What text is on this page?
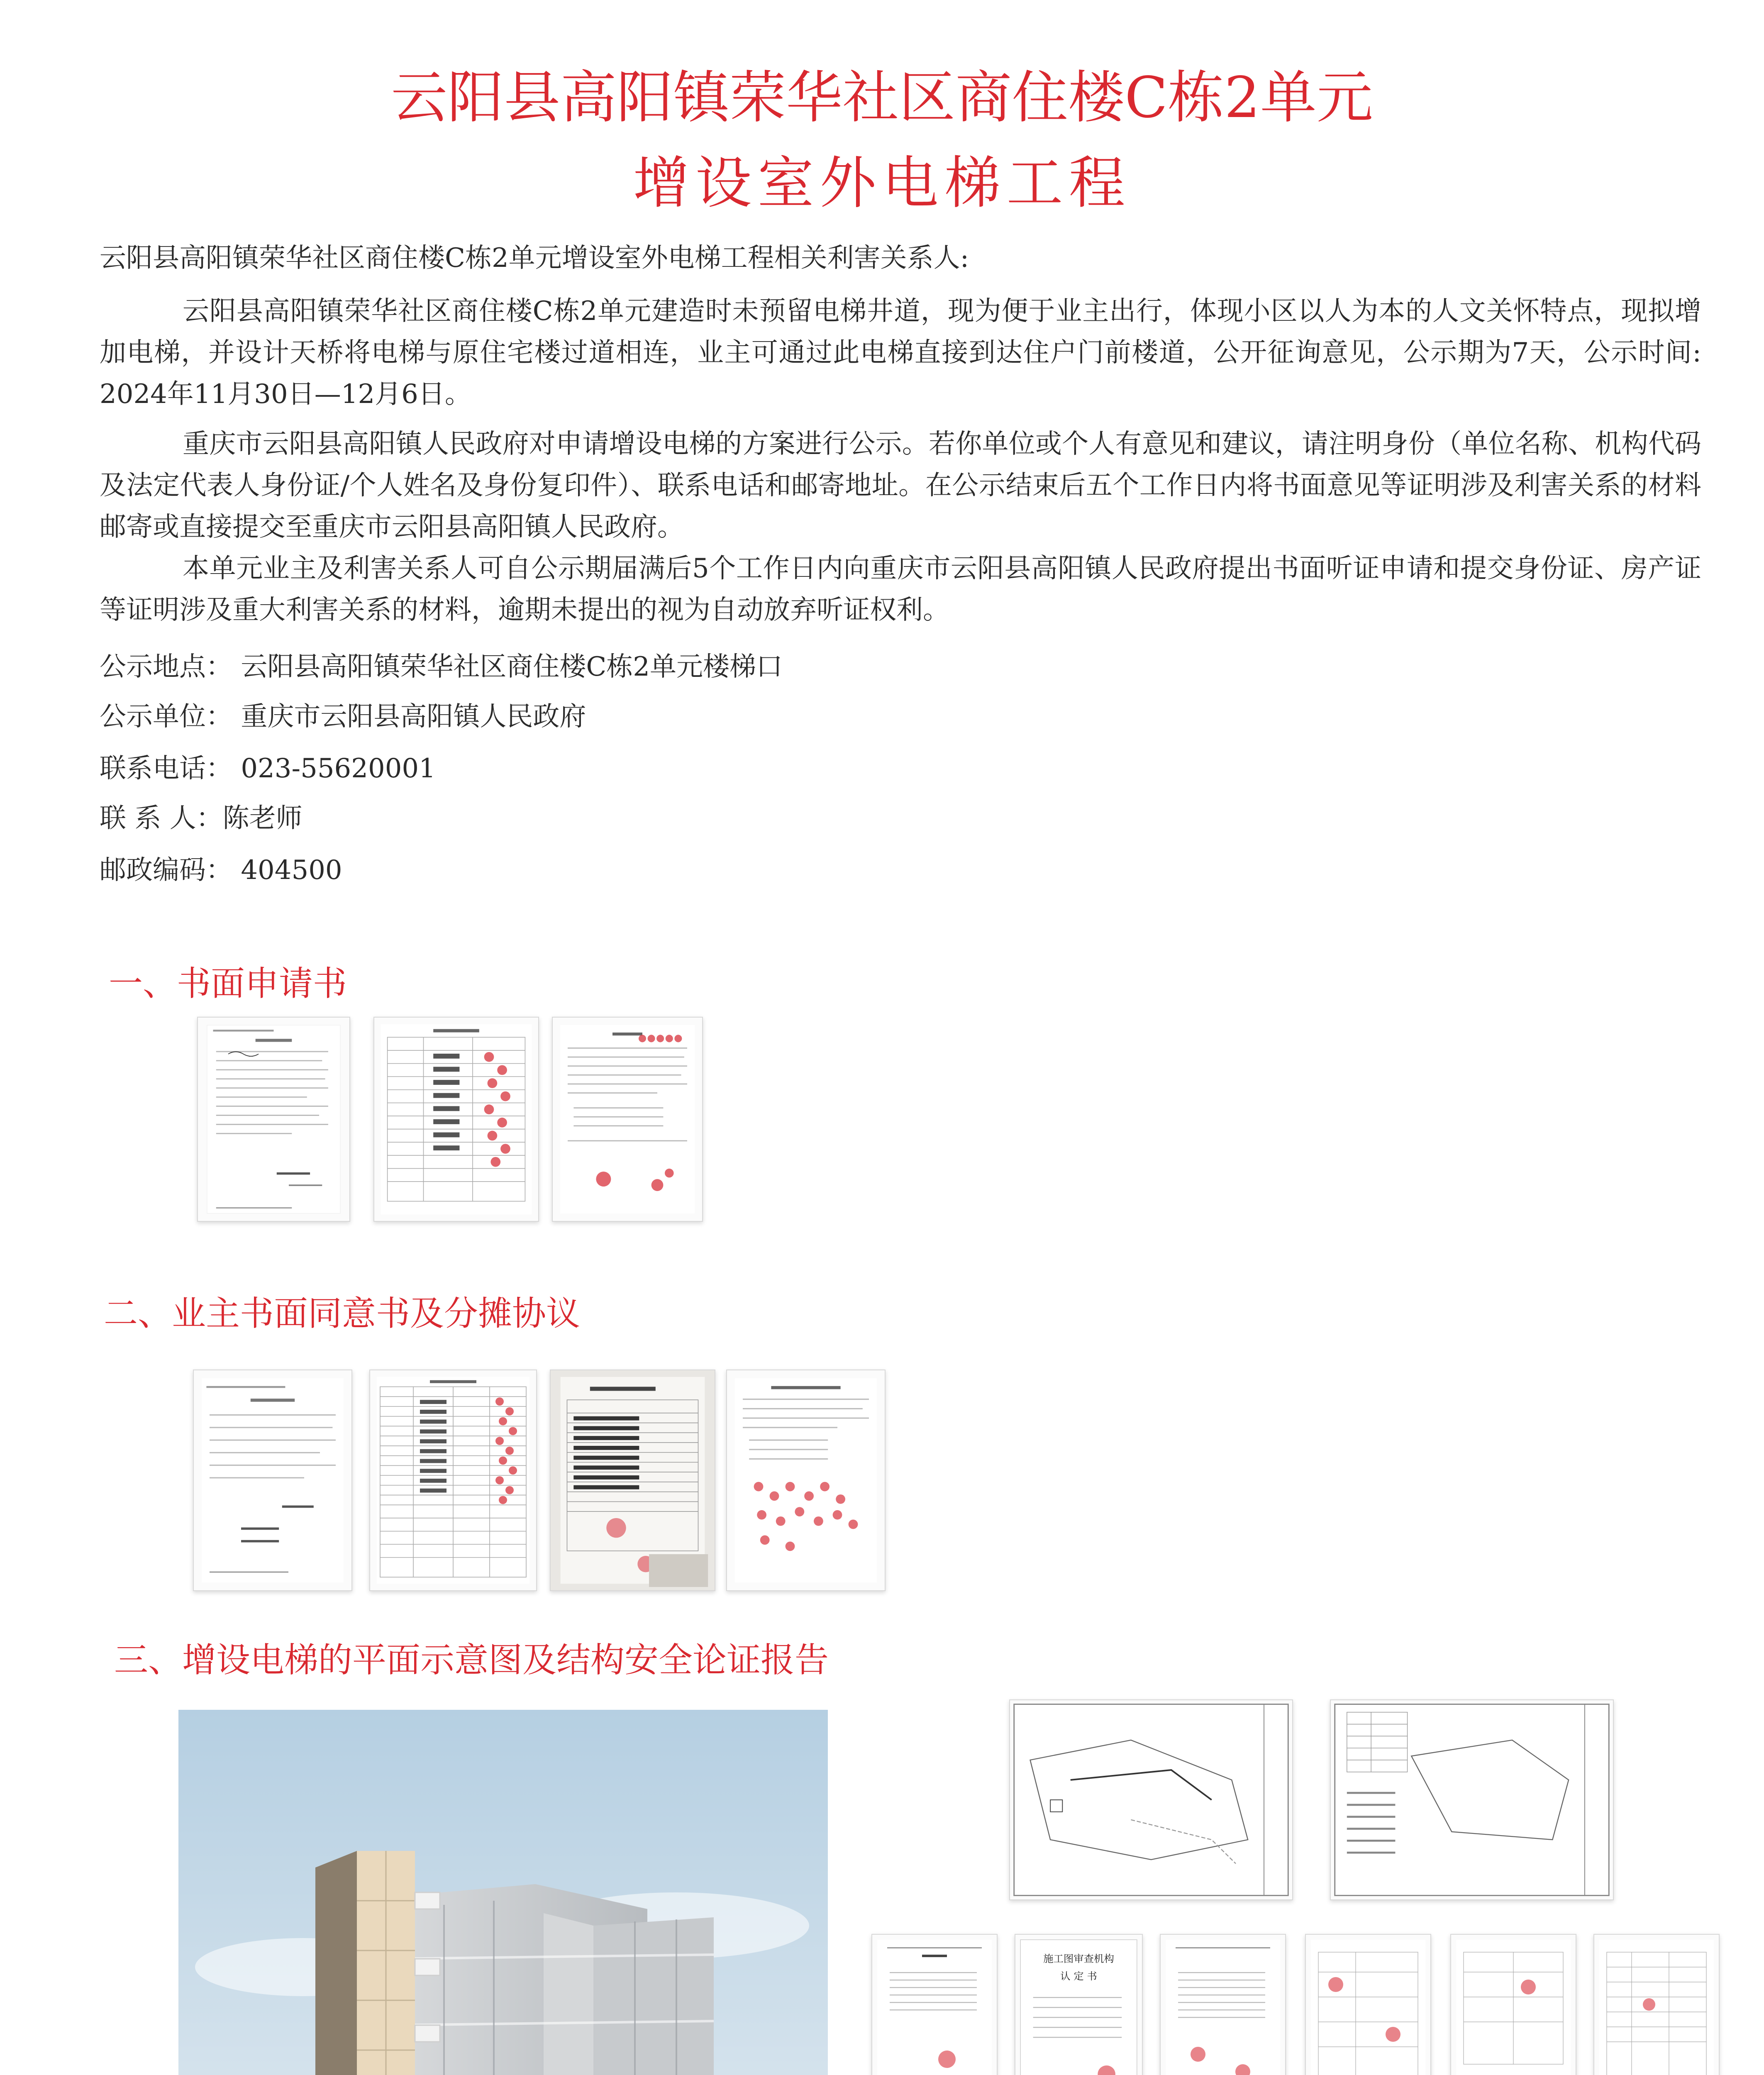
云阳县高阳镇荣华社区商住楼C栋2单元
增设室外电梯工程
云阳县高阳镇荣华社区商住楼C栋2单元增设室外电梯工程相关利害关系人:
云阳县高阳镇荣华社区商住楼C栋2单元建造时未预留电梯井道，现为便于业主出行，体现小区以人为本的人文关怀特点，现拟增加电梯，并设计天桥将电梯与原住宅楼过道相连，业主可通过此电梯直接到达住户门前楼道，公开征询意见，公示期为7天，公示时间: 2024年11月30日—12月6日。
重庆市云阳县高阳镇人民政府对申请增设电梯的方案进行公示。若你单位或个人有意见和建议，请注明身份（单位名称、机构代码及法定代表人身份证/个人姓名及身份复印件）、联系电话和邮寄地址。在公示结束后五个工作日内将书面意见等证明涉及利害关系的材料邮寄或直接提交至重庆市云阳县高阳镇人民政府。
本单元业主及利害关系人可自公示期届满后5个工作日内向重庆市云阳县高阳镇人民政府提出书面听证申请和提交身份证、房产证等证明涉及重大利害关系的材料，逾期未提出的视为自动放弃听证权利。
公示地点： 云阳县高阳镇荣华社区商住楼C栋2单元楼梯口
公示单位： 重庆市云阳县高阳镇人民政府
联系电话： 023-55620001
联 系 人：陈老师
邮政编码： 404500
一、书面申请书
二、业主书面同意书及分摊协议
三、增设电梯的平面示意图及结构安全论证报告
施工图审查机构
认 定 书
